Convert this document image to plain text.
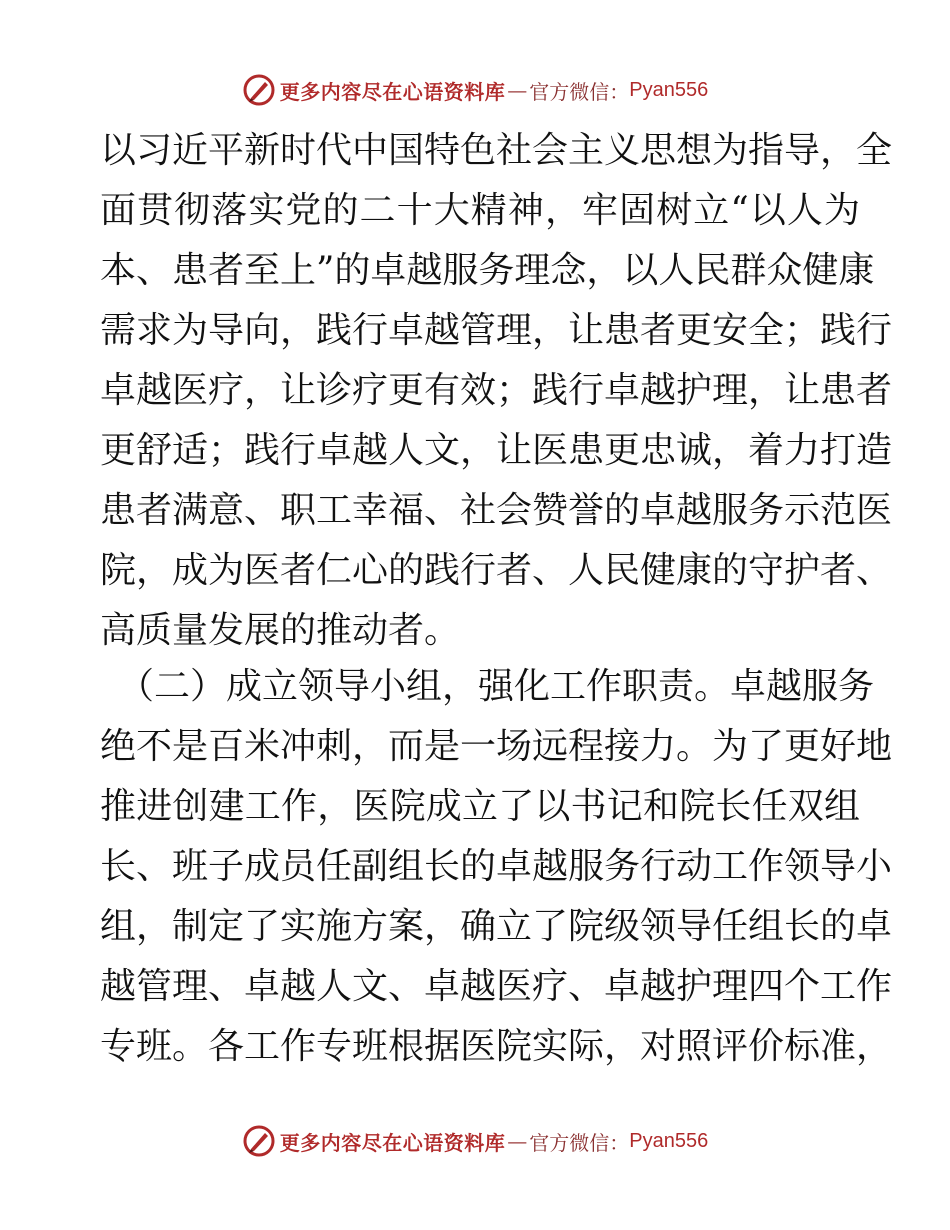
更多内容尽在心语资料库 — 官方微信： Pyan556
以习近平新时代中国特色社会主义思想为指导，全
面贯彻落实党的二十大精神，牢固树立“以人为
本、患者至上”的卓越服务理念，以人民群众健康
需求为导向，践行卓越管理，让患者更安全；践行
卓越医疗，让诊疗更有效；践行卓越护理，让患者
更舒适；践行卓越人文，让医患更忠诚，着力打造
患者满意、职工幸福、社会赞誉的卓越服务示范医
院，成为医者仁心的践行者、人民健康的守护者、
高质量发展的推动者。
（二）成立领导小组，强化工作职责。卓越服务
绝不是百米冲刺，而是一场远程接力。为了更好地
推进创建工作，医院成立了以书记和院长任双组
长、班子成员任副组长的卓越服务行动工作领导小
组，制定了实施方案，确立了院级领导任组长的卓
越管理、卓越人文、卓越医疗、卓越护理四个工作
专班。各工作专班根据医院实际，对照评价标准，
更多内容尽在心语资料库 — 官方微信： Pyan556
